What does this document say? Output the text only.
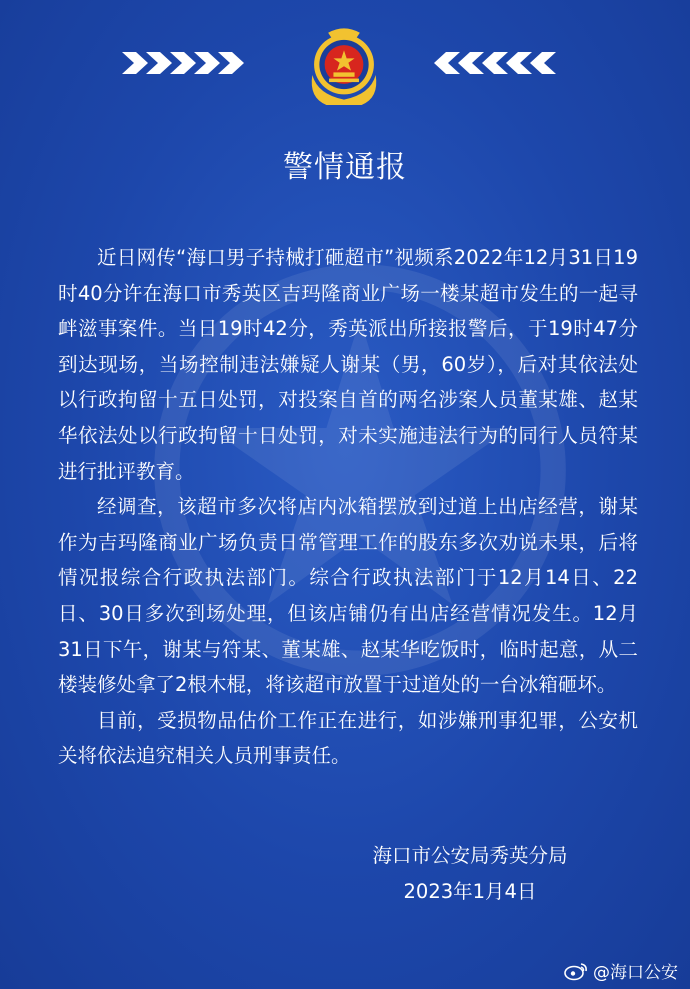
警情通报

近日网传“海口男子持械打砸超市”视频系2022年12月31日19时40分许在海口市秀英区吉玛隆商业广场一楼某超市发生的一起寻衅滋事案件。当日19时42分，秀英派出所接报警后，于19时47分到达现场，当场控制违法嫌疑人谢某（男，60岁），后对其依法处以行政拘留十五日处罚，对投案自首的两名涉案人员董某雄、赵某华依法处以行政拘留十日处罚，对未实施违法行为的同行人员符某进行批评教育。

经调查，该超市多次将店内冰箱摆放到过道上出店经营，谢某作为吉玛隆商业广场负责日常管理工作的股东多次劝说未果，后将情况报综合行政执法部门。综合行政执法部门于12月14日、22日、30日多次到场处理，但该店铺仍有出店经营情况发生。12月31日下午，谢某与符某、董某雄、赵某华吃饭时，临时起意，从二楼装修处拿了2根木棍，将该超市放置于过道处的一台冰箱砸坏。

目前，受损物品估价工作正在进行，如涉嫌刑事犯罪，公安机关将依法追究相关人员刑事责任。

海口市公安局秀英分局
2023年1月4日
@海口公安
